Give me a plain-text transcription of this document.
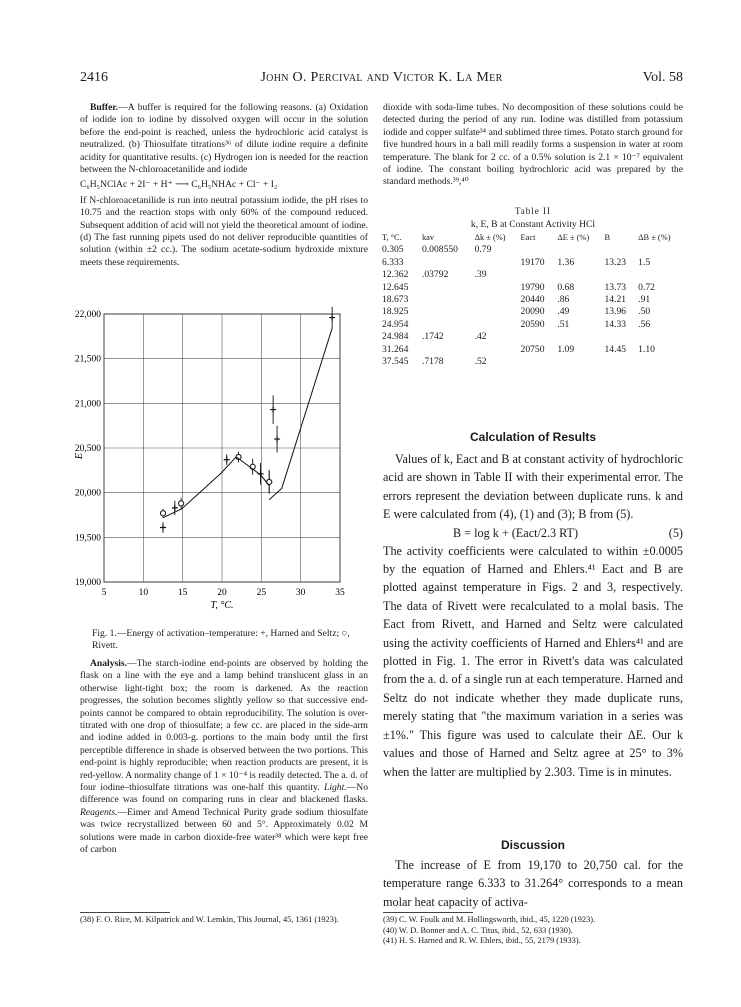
2416	John O. Percival and Victor K. La Mer	Vol. 58

Buffer.—A buffer is required for the following reasons. (a) Oxidation of iodide ion to iodine by dissolved oxygen will occur in the solution before the end-point is reached, unless the hydrochloric acid catalyst is neutralized. (b) Thiosulfate titrations³⁶ of dilute iodine require a definite acidity for quantitative results. (c) Hydrogen ion is needed for the reaction between the N-chloroacetanilide and iodide

C₆H₅NClAc + 2I⁻ + H⁺ ⟶ C₆H₅NHAc + Cl⁻ + I₂

If N-chloroacetanilide is run into neutral potassium iodide, the pH rises to 10.75 and the reaction stops with only 60% of the compound reduced. Subsequent addition of acid will not yield the theoretical amount of iodine. (d) The fast running pipets used do not deliver reproducible quantities of solution (within ±2 cc.). The sodium acetate-sodium hydroxide mixture meets these requirements.

19,000
19,500
20,000
20,500
21,000
21,500
22,000
5	10	15	20	25	30	35
T, °C.
E
Fig. 1.—Energy of activation–temperature: +, Harned and Seltz; ○, Rivett.

Analysis.—The starch-iodine end-points are observed by holding the flask on a line with the eye and a lamp behind translucent glass in an otherwise light-tight box; the room is darkened. As the reaction progresses, the solution becomes slightly yellow so that successive end-points cannot be compared to obtain reproducibility. The solution is over-titrated with one drop of thiosulfate; a few cc. are placed in the side-arm and iodine added in 0.003-g. portions to the main body until the first perceptible difference in shade is observed between the two portions. This end-point is highly reproducible; when reaction products are present, it is red-yellow. A normality change of 1 × 10⁻⁴ is readily detected. The a. d. of four iodine–thiosulfate titrations was one-half this quantity. Light.—No difference was found on comparing runs in clear and blackened flasks. Reagents.—Eimer and Amend Technical Purity grade sodium thiosulfate was twice recrystallized between 60 and 5°. Approximately 0.02 M solutions were made in carbon dioxide-free water³⁸ which were kept free of carbon

(38) F. O. Rice, M. Kilpatrick and W. Lemkin, This Journal, 45, 1361 (1923).

dioxide with soda-lime tubes. No decomposition of these solutions could be detected during the period of any run. Iodine was distilled from potassium iodide and copper sulfate³⁴ and sublimed three times. Potato starch ground for five hundred hours in a ball mill readily forms a suspension in water at room temperature. The blank for 2 cc. of a 0.5% solution is 2.1 × 10⁻⁷ equivalent of iodine. The constant boiling hydrochloric acid was prepared by the standard methods.³⁹,⁴⁰

Table II
k, E, B at Constant Activity HCl
T, °C.	kav	Δk ± (%)	Eact	ΔE ± (%)	B	ΔB ± (%)
0.305	0.008550	0.79				
6.333			19170	1.36	13.23	1.5
12.362	.03792	.39				
12.645			19790	0.68	13.73	0.72
18.673			20440	.86	14.21	.91
18.925			20090	.49	13.96	.50
24.954			20590	.51	14.33	.56
24.984	.1742	.42				
31.264			20750	1.09	14.45	1.10
37.545	.7178	.52				
Calculation of Results

Values of k, Eact and B at constant activity of hydrochloric acid are shown in Table II with their experimental error. The errors represent the deviation between duplicate runs. k and E were calculated from (4), (1) and (3); B from (5).

B = log k + (Eact/2.3 RT)	(5)

The activity coefficients were calculated to within ±0.0005 by the equation of Harned and Ehlers.⁴¹ Eact and B are plotted against temperature in Figs. 2 and 3, respectively. The data of Rivett were recalculated to a molal basis. The Eact from Rivett, and Harned and Seltz were calculated using the activity coefficients of Harned and Ehlers⁴¹ and are plotted in Fig. 1. The error in Rivett's data was calculated from the a. d. of a single run at each temperature. Harned and Seltz do not indicate whether they made duplicate runs, merely stating that "the maximum variation in a series was ±1%." This figure was used to calculate their ΔE. Our k values and those of Harned and Seltz agree at 25° to 3% when the latter are multiplied by 2.303. Time is in minutes.

Discussion

The increase of E from 19,170 to 20,750 cal. for the temperature range 6.333 to 31.264° corresponds to a mean molar heat capacity of activa-

(39) C. W. Foulk and M. Hollingsworth, ibid., 45, 1220 (1923).
(40) W. D. Bonner and A. C. Titus, ibid., 52, 633 (1930).
(41) H. S. Harned and R. W. Ehlers, ibid., 55, 2179 (1933).
